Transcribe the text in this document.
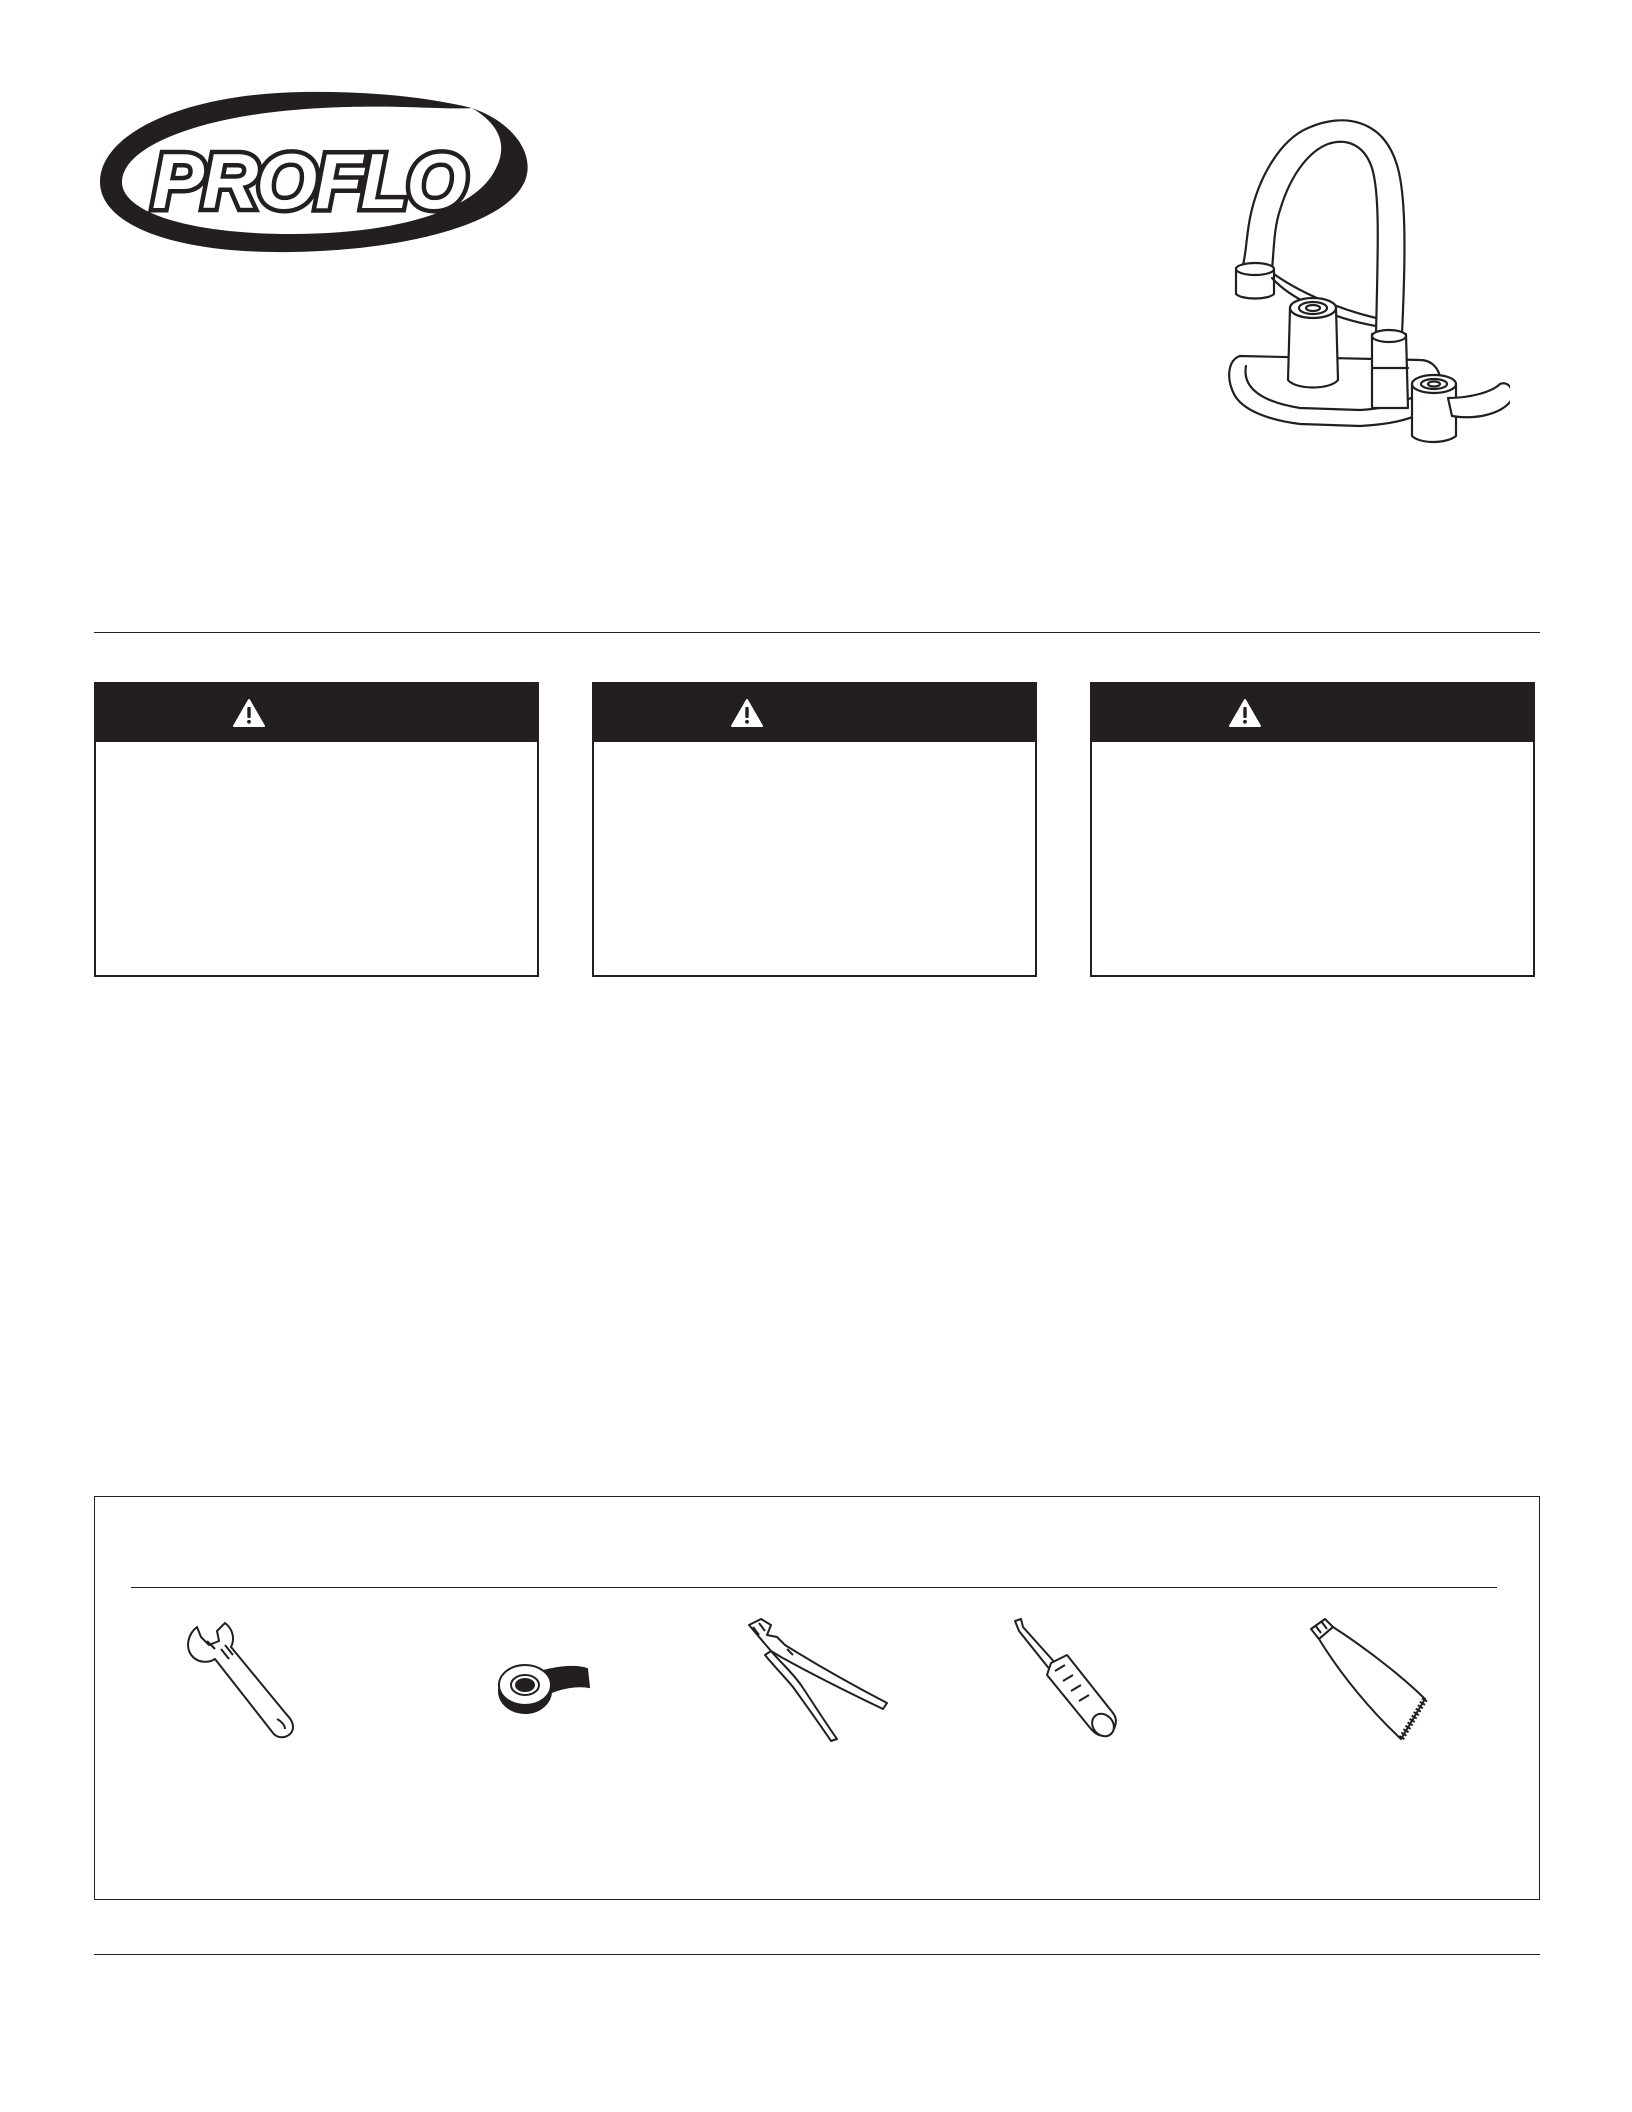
PROFLO	®
